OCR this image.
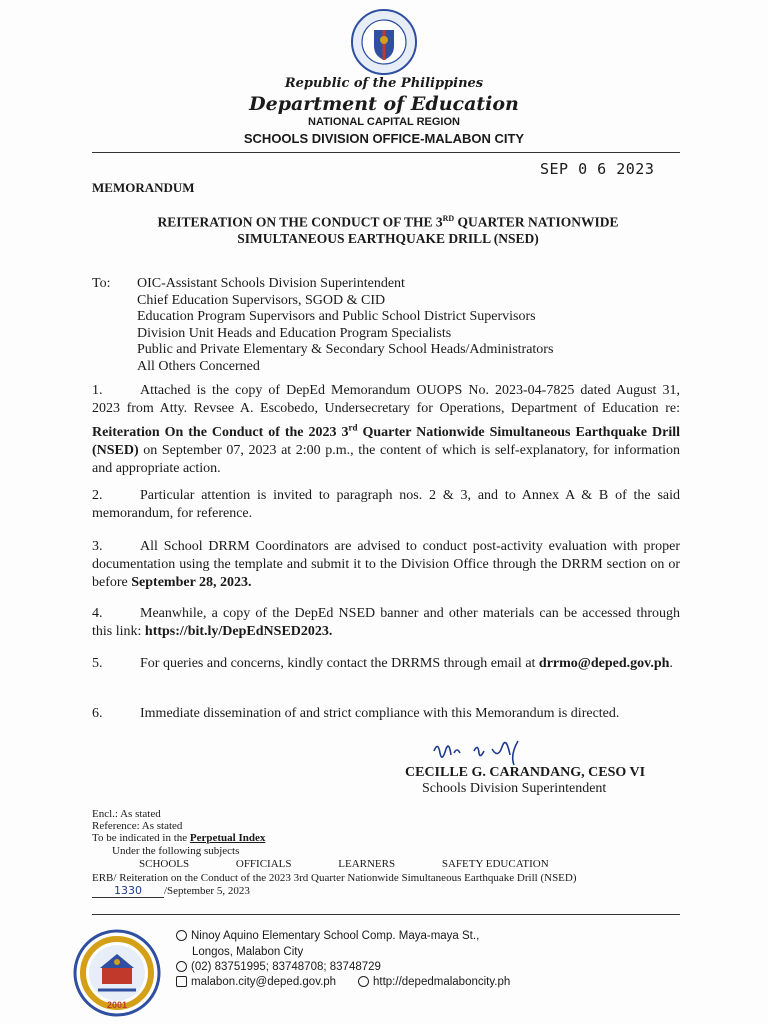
Republic of the Philippines
Department of Education
NATIONAL CAPITAL REGION
SCHOOLS DIVISION OFFICE-MALABON CITY
SEP 0 6 2023
MEMORANDUM
REITERATION ON THE CONDUCT OF THE 3RD QUARTER NATIONWIDE
SIMULTANEOUS EARTHQUAKE DRILL (NSED)
To: OIC-Assistant Schools Division Superintendent
Chief Education Supervisors, SGOD & CID
Education Program Supervisors and Public School District Supervisors
Division Unit Heads and Education Program Specialists
Public and Private Elementary & Secondary School Heads/Administrators
All Others Concerned
1.	Attached is the copy of DepEd Memorandum OUOPS No. 2023-04-7825 dated August 31, 2023 from Atty. Revsee A. Escobedo, Undersecretary for Operations, Department of Education re: Reiteration On the Conduct of the 2023 3rd Quarter Nationwide Simultaneous Earthquake Drill (NSED) on September 07, 2023 at 2:00 p.m., the content of which is self-explanatory, for information and appropriate action.
2.	Particular attention is invited to paragraph nos. 2 & 3, and to Annex A & B of the said memorandum, for reference.
3.	All School DRRM Coordinators are advised to conduct post-activity evaluation with proper documentation using the template and submit it to the Division Office through the DRRM section on or before September 28, 2023.
4.	Meanwhile, a copy of the DepEd NSED banner and other materials can be accessed through this link: https://bit.ly/DepEdNSED2023.
5.	For queries and concerns, kindly contact the DRRMS through email at drrmo@deped.gov.ph.
6.	Immediate dissemination of and strict compliance with this Memorandum is directed.
CECILLE G. CARANDANG, CESO VI
Schools Division Superintendent
Encl.: As stated
Reference: As stated
To be indicated in the Perpetual Index
Under the following subjects
SCHOOLS	OFFICIALS	LEARNERS	SAFETY EDUCATION
ERB/ Reiteration on the Conduct of the 2023 3rd Quarter Nationwide Simultaneous Earthquake Drill (NSED)
1330 /September 5, 2023
2001
Ninoy Aquino Elementary School Comp. Maya-maya St.,
Longos, Malabon City
(02) 83751995; 83748708; 83748729
malabon.city@deped.gov.ph	http://depedmalaboncity.ph
